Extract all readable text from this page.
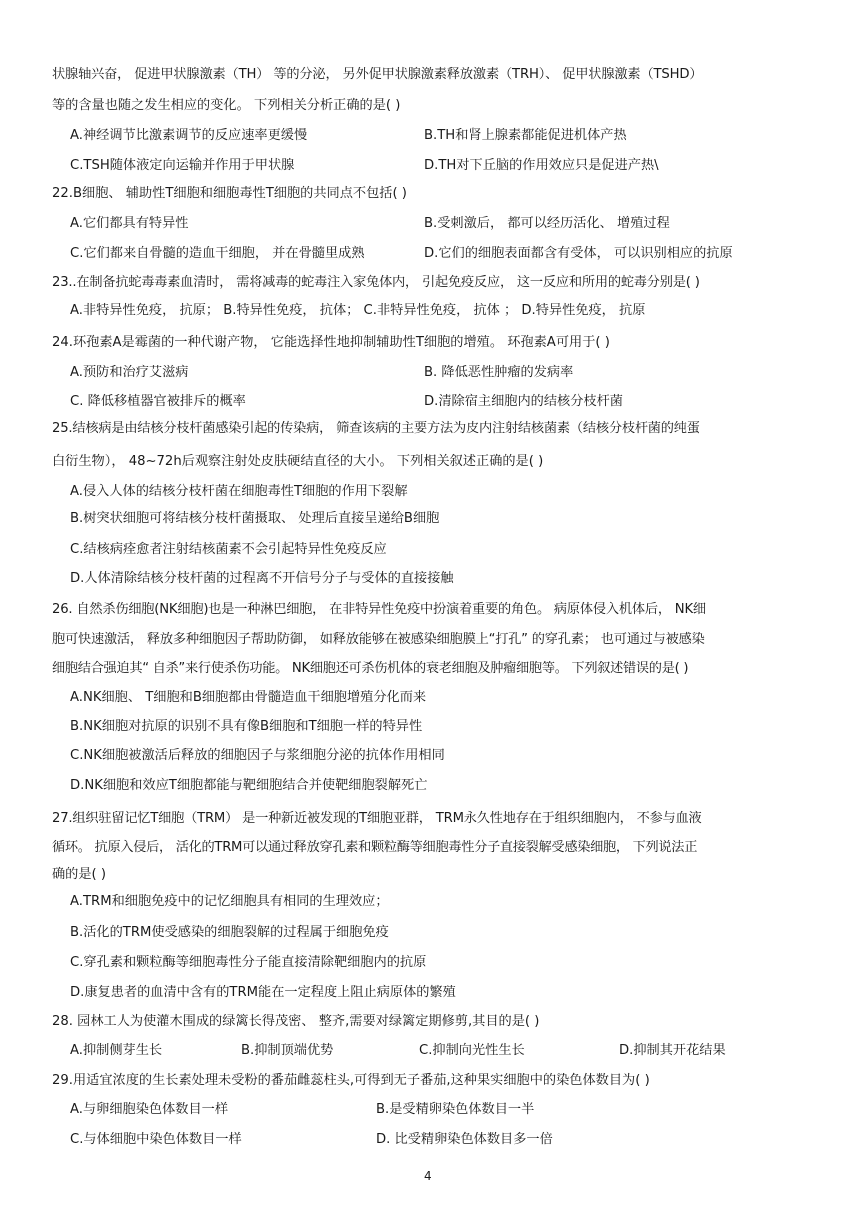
状腺轴兴奋， 促进甲状腺激素（TH） 等的分泌， 另外促甲状腺激素释放激素（TRH）、 促甲状腺激素（TSHD）
等的含量也随之发生相应的变化。 下列相关分析正确的是( )
A.神经调节比激素调节的反应速率更缓慢	B.TH和肾上腺素都能促进机体产热
C.TSH随体液定向运输并作用于甲状腺	D.TH对下丘脑的作用效应只是促进产热\
22.B细胞、 辅助性T细胞和细胞毒性T细胞的共同点不包括( )
A.它们都具有特异性	B.受刺激后， 都可以经历活化、 增殖过程
C.它们都来自骨髓的造血干细胞， 并在骨髓里成熟	D.它们的细胞表面都含有受体， 可以识别相应的抗原
23..在制备抗蛇毒毒素血清时， 需将减毒的蛇毒注入家兔体内， 引起免疫反应， 这一反应和所用的蛇毒分别是( )
A.非特异性免疫， 抗原； B.特异性免疫， 抗体； C.非特异性免疫， 抗体 ； D.特异性免疫， 抗原
24.环孢素A是霉菌的一种代谢产物， 它能选择性地抑制辅助性T细胞的增殖。 环孢素A可用于( )
A.预防和治疗艾滋病	B. 降低恶性肿瘤的发病率
C. 降低移植器官被排斥的概率	D.清除宿主细胞内的结核分枝杆菌
25.结核病是由结核分枝杆菌感染引起的传染病， 筛查该病的主要方法为皮内注射结核菌素（结核分枝杆菌的纯蛋
白衍生物）， 48~72h后观察注射处皮肤硬结直径的大小。 下列相关叙述正确的是( )
A.侵入人体的结核分枝杆菌在细胞毒性T细胞的作用下裂解
B.树突状细胞可将结核分枝杆菌摄取、 处理后直接呈递给B细胞
C.结核病痊愈者注射结核菌素不会引起特异性免疫反应
D.人体清除结核分枝杆菌的过程离不开信号分子与受体的直接接触
26. 自然杀伤细胞(NK细胞)也是一种淋巴细胞， 在非特异性免疫中扮演着重要的角色。 病原体侵入机体后， NK细
胞可快速激活， 释放多种细胞因子帮助防御， 如释放能够在被感染细胞膜上“打孔” 的穿孔素； 也可通过与被感染
细胞结合强迫其“ 自杀”来行使杀伤功能。 NK细胞还可杀伤机体的衰老细胞及肿瘤细胞等。 下列叙述错误的是( )
A.NK细胞、 T细胞和B细胞都由骨髓造血干细胞增殖分化而来
B.NK细胞对抗原的识别不具有像B细胞和T细胞一样的特异性
C.NK细胞被激活后释放的细胞因子与浆细胞分泌的抗体作用相同
D.NK细胞和效应T细胞都能与靶细胞结合并使靶细胞裂解死亡
27.组织驻留记忆T细胞（TRM） 是一种新近被发现的T细胞亚群， TRM永久性地存在于组织细胞内， 不参与血液
循环。 抗原入侵后， 活化的TRM可以通过释放穿孔素和颗粒酶等细胞毒性分子直接裂解受感染细胞， 下列说法正
确的是( )
A.TRM和细胞免疫中的记忆细胞具有相同的生理效应；
B.活化的TRM使受感染的细胞裂解的过程属于细胞免疫
C.穿孔素和颗粒酶等细胞毒性分子能直接清除靶细胞内的抗原
D.康复患者的血清中含有的TRM能在一定程度上阻止病原体的繁殖
28. 园林工人为使灌木围成的绿篱长得茂密、 整齐,需要对绿篱定期修剪,其目的是( )
A.抑制侧芽生长	B.抑制顶端优势	C.抑制向光性生长	D.抑制其开花结果
29.用适宜浓度的生长素处理未受粉的番茄雌蕊柱头,可得到无子番茄,这种果实细胞中的染色体数目为( )
A.与卵细胞染色体数目一样	B.是受精卵染色体数目一半
C.与体细胞中染色体数目一样	D. 比受精卵染色体数目多一倍
4
